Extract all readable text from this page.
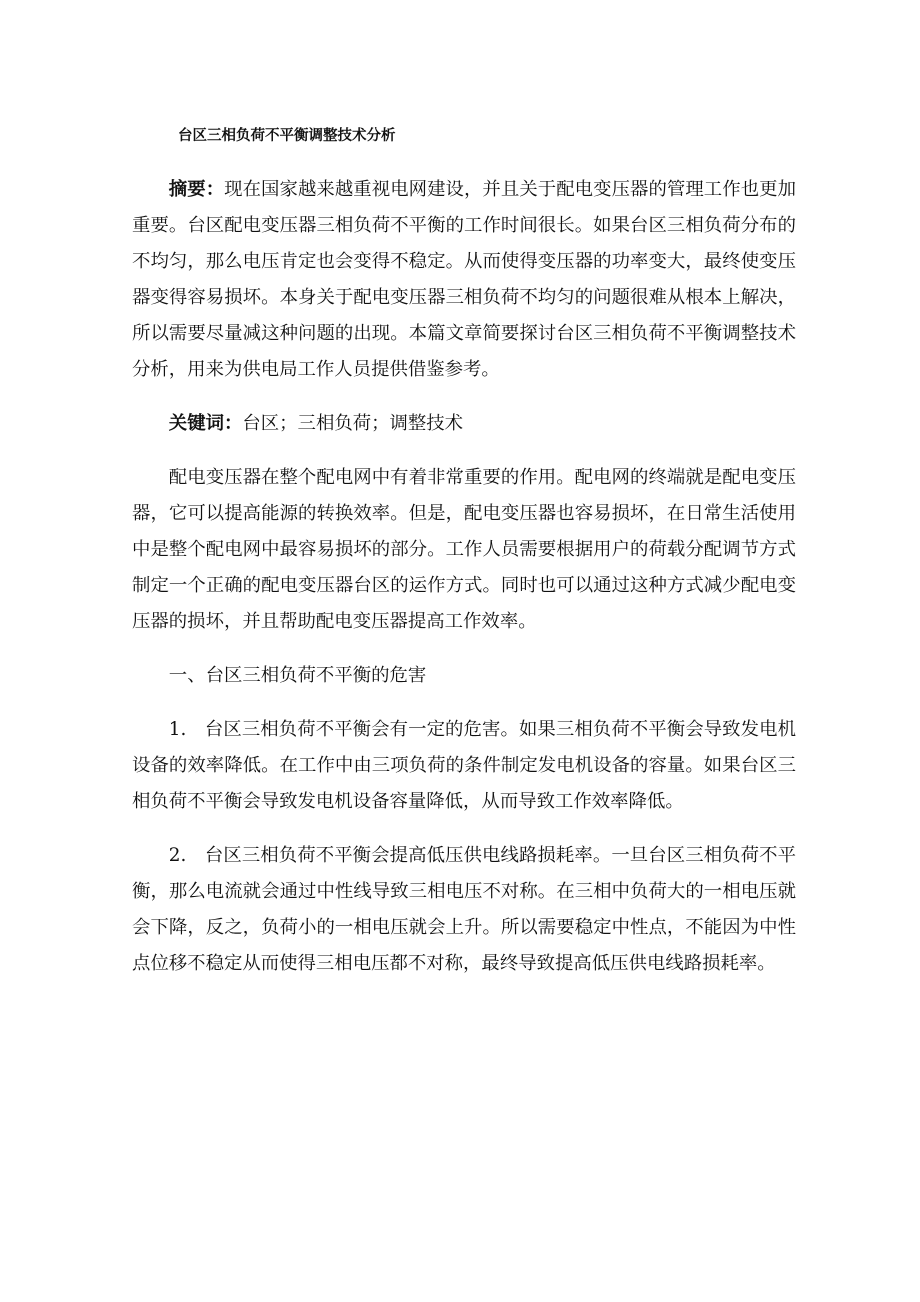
台区三相负荷不平衡调整技术分析

摘要：现在国家越来越重视电网建设，并且关于配电变压器的管理工作也更加重要。台区配电变压器三相负荷不平衡的工作时间很长。如果台区三相负荷分布的不均匀，那么电压肯定也会变得不稳定。从而使得变压器的功率变大，最终使变压器变得容易损坏。本身关于配电变压器三相负荷不均匀的问题很难从根本上解决，所以需要尽量减这种问题的出现。本篇文章简要探讨台区三相负荷不平衡调整技术分析，用来为供电局工作人员提供借鉴参考。

关键词：台区；三相负荷；调整技术

配电变压器在整个配电网中有着非常重要的作用。配电网的终端就是配电变压器，它可以提高能源的转换效率。但是，配电变压器也容易损坏，在日常生活使用中是整个配电网中最容易损坏的部分。工作人员需要根据用户的荷载分配调节方式制定一个正确的配电变压器台区的运作方式。同时也可以通过这种方式减少配电变压器的损坏，并且帮助配电变压器提高工作效率。

一、台区三相负荷不平衡的危害

1. 台区三相负荷不平衡会有一定的危害。如果三相负荷不平衡会导致发电机设备的效率降低。在工作中由三项负荷的条件制定发电机设备的容量。如果台区三相负荷不平衡会导致发电机设备容量降低，从而导致工作效率降低。

2. 台区三相负荷不平衡会提高低压供电线路损耗率。一旦台区三相负荷不平衡，那么电流就会通过中性线导致三相电压不对称。在三相中负荷大的一相电压就会下降，反之，负荷小的一相电压就会上升。所以需要稳定中性点，不能因为中性点位移不稳定从而使得三相电压都不对称，最终导致提高低压供电线路损耗率。
